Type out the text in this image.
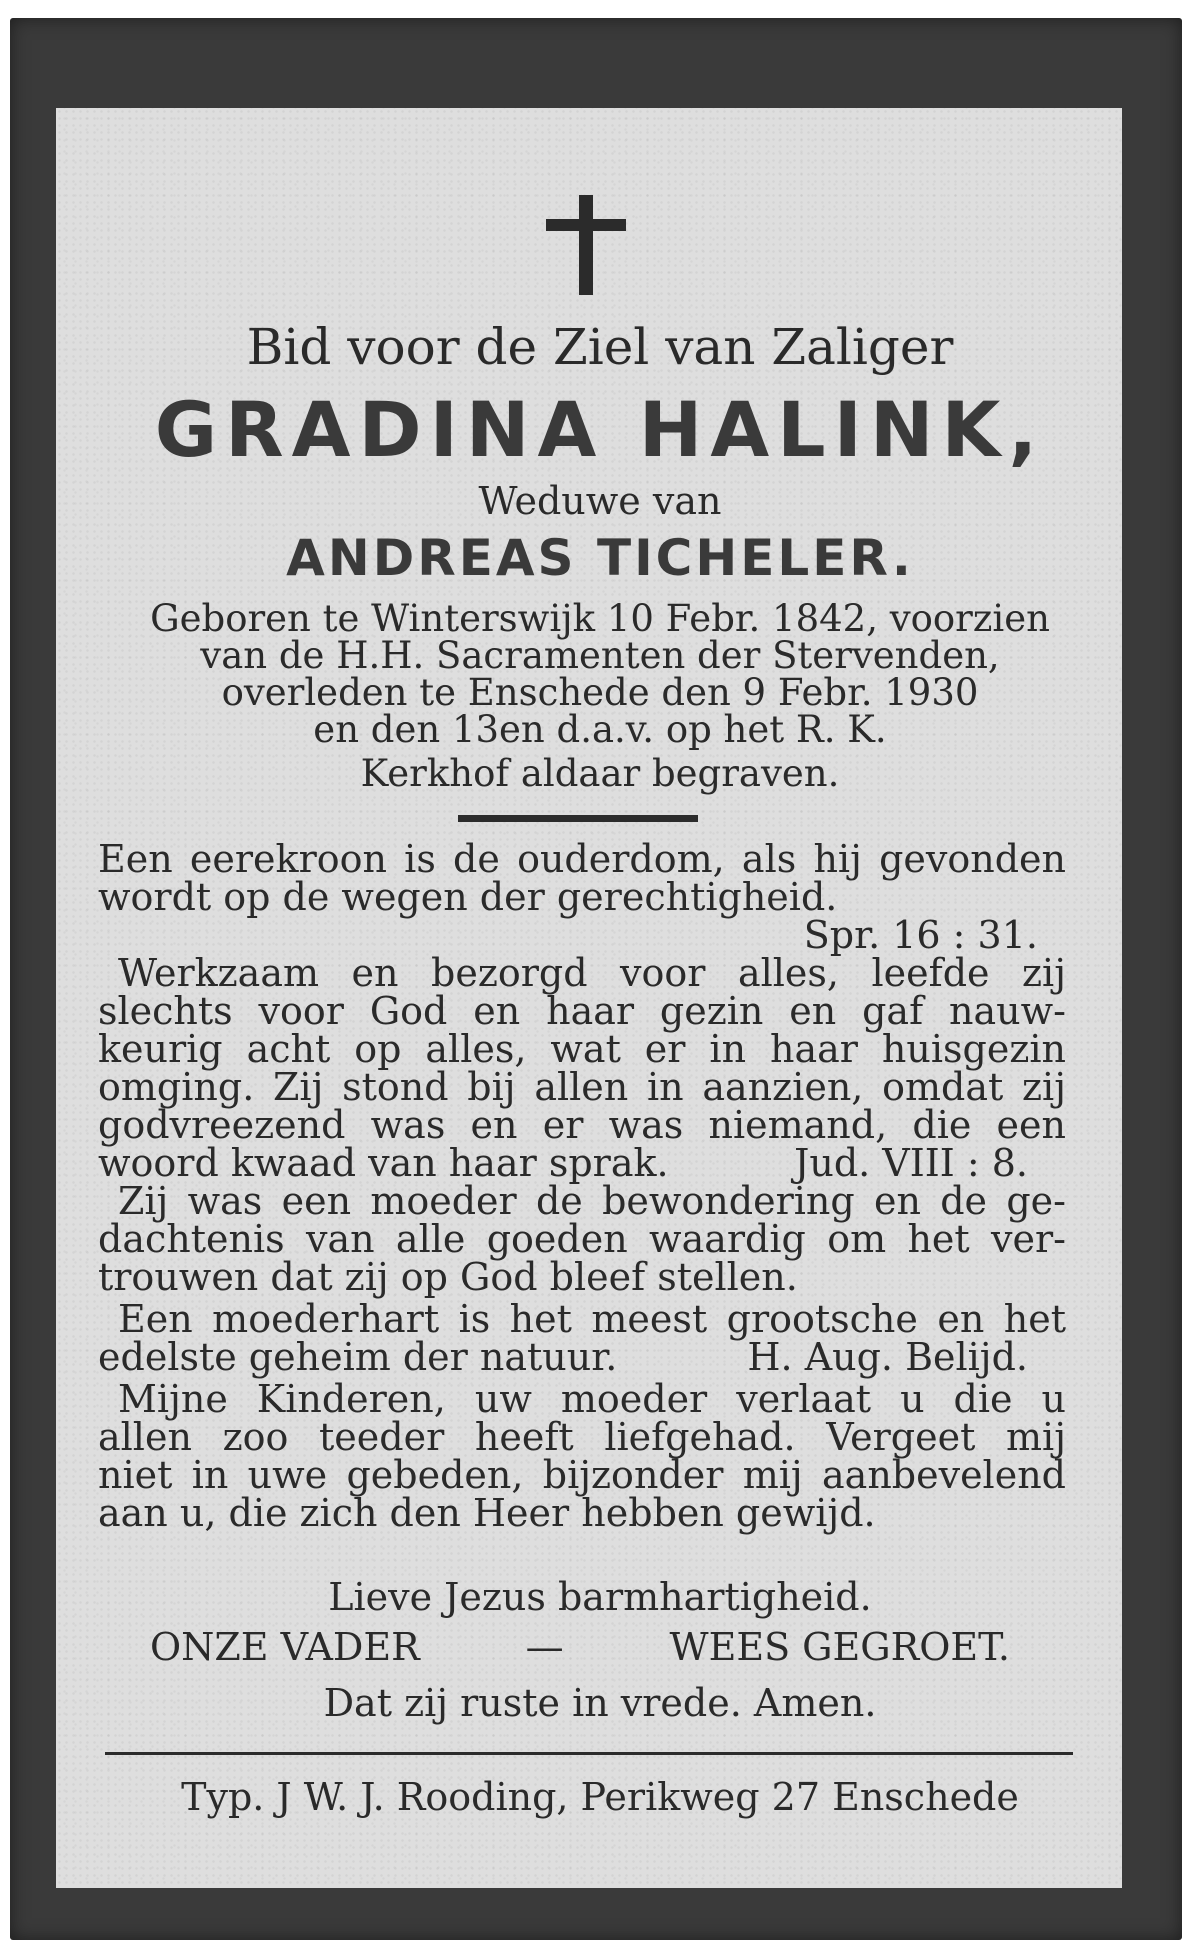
Bid voor de Ziel van Zaliger
GRADINA HALINK,
Weduwe van
ANDREAS TICHELER.
Geboren te Winterswijk 10 Febr. 1842, voorzien
van de H.H. Sacramenten der Stervenden,
overleden te Enschede den 9 Febr. 1930
en den 13en d.a.v. op het R. K.
Kerkhof aldaar begraven.
Een eerekroon is de ouderdom, als hij gevonden
wordt op de wegen der gerechtigheid.
Spr. 16 : 31.
Werkzaam en bezorgd voor alles, leefde zij
slechts voor God en haar gezin en gaf nauw-
keurig acht op alles, wat er in haar huisgezin
omging. Zij stond bij allen in aanzien, omdat zij
godvreezend was en er was niemand, die een
woord kwaad van haar sprak.	Jud. VIII : 8.
Zij was een moeder de bewondering en de ge-
dachtenis van alle goeden waardig om het ver-
trouwen dat zij op God bleef stellen.
Een moederhart is het meest grootsche en het
edelste geheim der natuur.	H. Aug. Belijd.
Mijne Kinderen, uw moeder verlaat u die u
allen zoo teeder heeft liefgehad. Vergeet mij
niet in uwe gebeden, bijzonder mij aanbevelend
aan u, die zich den Heer hebben gewijd.
Lieve Jezus barmhartigheid.
ONZE VADER	—	WEES GEGROET.
Dat zij ruste in vrede. Amen.
Typ. J W. J. Rooding, Perikweg 27 Enschede
